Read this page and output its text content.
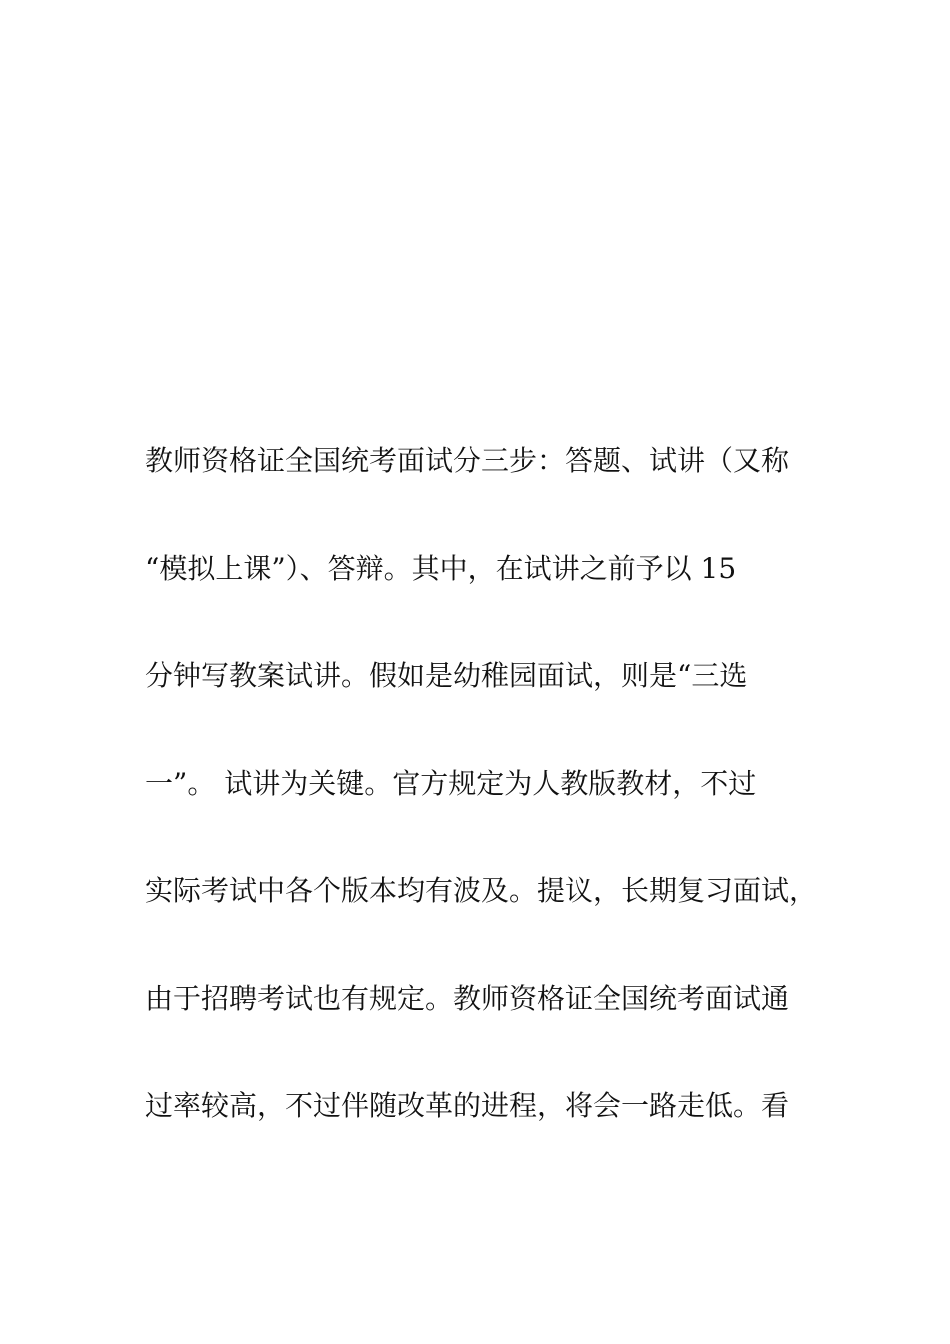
教师资格证全国统考面试分三步：答题、试讲（又称
“模拟上课”）、答辩。其中，在试讲之前予以 15
分钟写教案试讲。假如是幼稚园面试，则是“三选
一”。 试讲为关键。官方规定为人教版教材，不过
实际考试中各个版本均有波及。提议，长期复习面试，
由于招聘考试也有规定。教师资格证全国统考面试通
过率较高，不过伴随改革的进程，将会一路走低。看
